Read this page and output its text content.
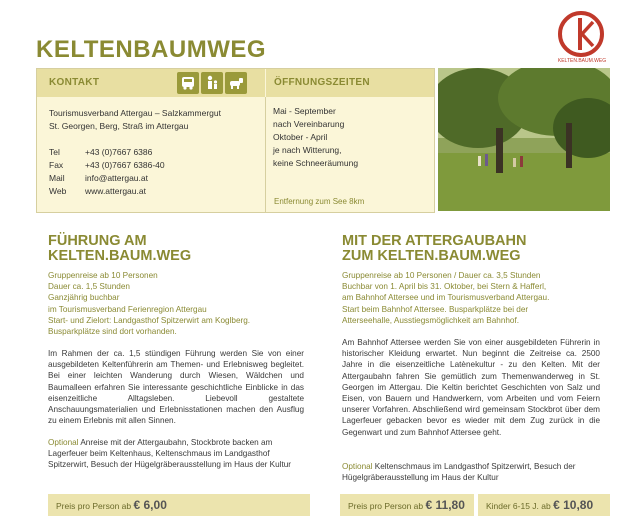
KELTENBAUMWEG	KELTEN.BAUM.WEG
KONTAKT	ÖFFNUNGSZEITEN
Tourismusverband Attergau – Salzkammergut
St. Georgen, Berg, Straß im Attergau
Tel	+43 (0)7667 6386
Fax	+43 (0)7667 6386-40
Mail info@attergau.at
Web www.attergau.at
Mai - September
nach Vereinbarung
Oktober - April
je nach Witterung,
keine Schneeräumung
Entfernung zum See 8km
FÜHRUNG AM
KELTEN.BAUM.WEG
Gruppenreise ab 10 Personen
Dauer ca. 1,5 Stunden
Ganzjährig buchbar
im Tourismusverband Ferienregion Attergau
Start- und Zielort: Landgasthof Spitzerwirt am Koglberg.
Busparkplätze sind dort vorhanden.
Im Rahmen der ca. 1,5 stündigen Führung werden Sie von einer ausgebildeten Keltenführerin am Themen- und Erlebnisweg begleitet. Bei einer leichten Wanderung durch Wiesen, Wäldchen und Baumalleen erfahren Sie interessante geschichtliche Einblicke in das eisenzeitliche Alltagsleben. Liebevoll gestaltete Anschauungsmaterialien und Erlebnisstationen machen den Ausflug zu einem Erlebnis mit allen Sinnen.
Optional Anreise mit der Attergaubahn, Stockbrote backen am Lagerfeuer beim Keltenhaus, Keltenschmaus im Landgasthof Spitzerwirt, Besuch der Hügelgräberausstellung im Haus der Kultur
Preis pro Person ab € 6,00
MIT DER ATTERGAUBAHN
ZUM KELTEN.BAUM.WEG
Gruppenreise ab 10 Personen / Dauer ca. 3,5 Stunden
Buchbar von 1. April bis 31. Oktober, bei Stern & Hafferl,
am Bahnhof Attersee und im Tourismusverband Attergau.
Start beim Bahnhof Attersee. Busparkplätze bei der
Atterseehalle, Ausstiegsmöglichkeit am Bahnhof.
Am Bahnhof Attersee werden Sie von einer ausgebildeten Führerin in historischer Kleidung erwartet. Nun beginnt die Zeitreise ca. 2500 Jahre in die eisenzeitliche Latènekultur - zu den Kelten. Mit der Attergaubahn fahren Sie gemütlich zum Themenwanderweg in St. Georgen im Attergau. Die Keltin berichtet Geschichten von Salz und Eisen, von Bauern und Handwerkern, vom Arbeiten und vom Feiern unserer Vorfahren. Abschließend wird gemeinsam Stockbrot über dem Lagerfeuer gebacken bevor es wieder mit dem Zug zurück in die Gegenwart und zum Bahnhof Attersee geht.
Optional Keltenschmaus im Landgasthof Spitzerwirt, Besuch der Hügelgräberausstellung im Haus der Kultur
Preis pro Person ab € 11,80	Kinder 6-15 J. ab € 10,80
